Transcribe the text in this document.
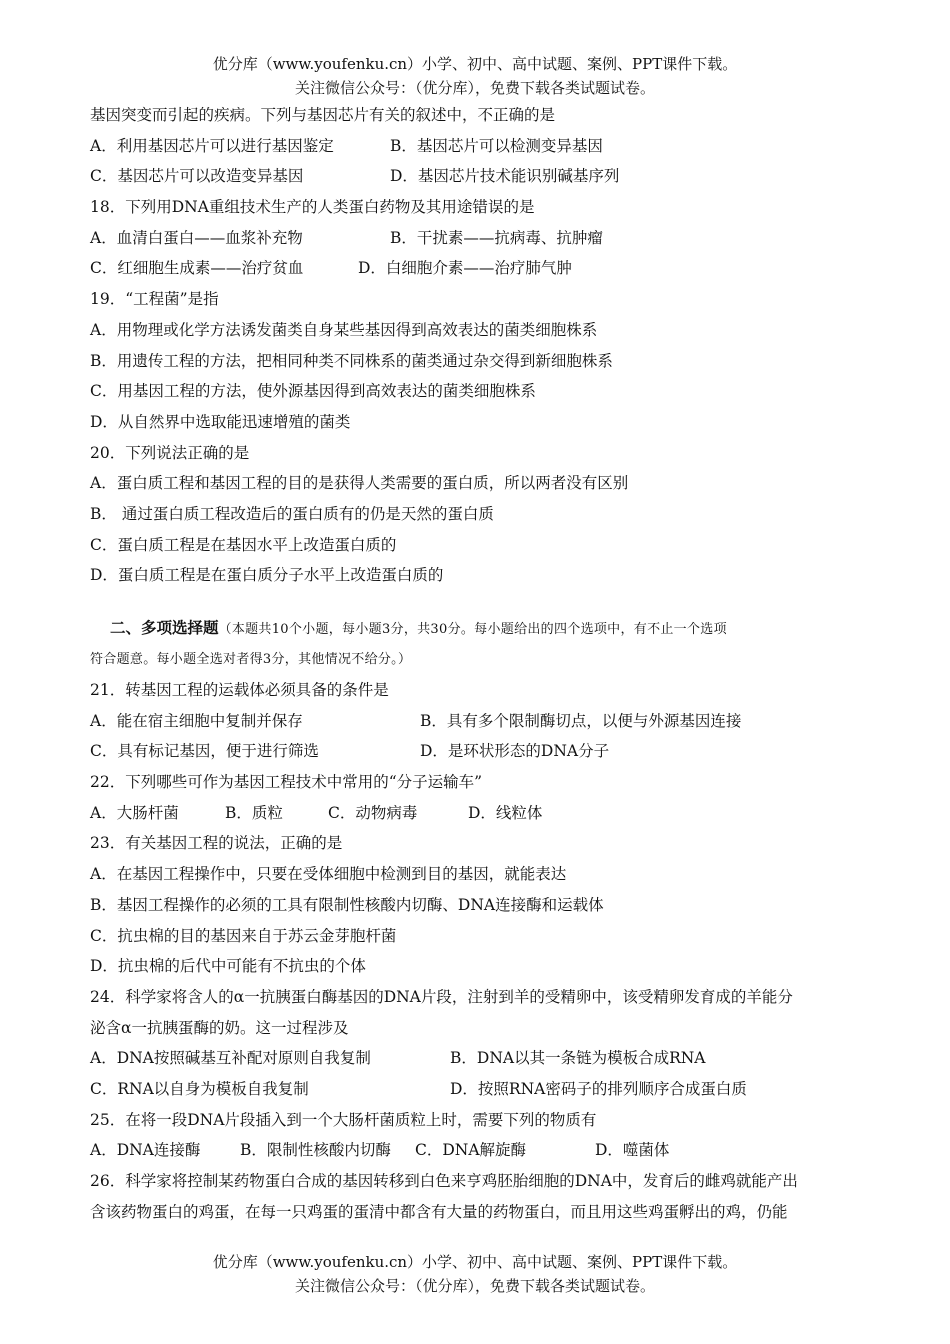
优分库（www.youfenku.cn）小学、初中、高中试题、案例、PPT课件下载。
关注微信公众号：（优分库），免费下载各类试题试卷。
基因突变而引起的疾病。下列与基因芯片有关的叙述中，不正确的是
A．利用基因芯片可以进行基因鉴定	B．基因芯片可以检测变异基因
C．基因芯片可以改造变异基因	D．基因芯片技术能识别碱基序列
18．下列用DNA重组技术生产的人类蛋白药物及其用途错误的是
A．血清白蛋白——血浆补充物	B．干扰素——抗病毒、抗肿瘤
C．红细胞生成素——治疗贫血	D．白细胞介素——治疗肺气肿
19．“工程菌”是指
A．用物理或化学方法诱发菌类自身某些基因得到高效表达的菌类细胞株系
B．用遗传工程的方法，把相同种类不同株系的菌类通过杂交得到新细胞株系
C．用基因工程的方法，使外源基因得到高效表达的菌类细胞株系
D．从自然界中选取能迅速增殖的菌类
20．下列说法正确的是
A．蛋白质工程和基因工程的目的是获得人类需要的蛋白质，所以两者没有区别
B． 通过蛋白质工程改造后的蛋白质有的仍是天然的蛋白质
C．蛋白质工程是在基因水平上改造蛋白质的
D．蛋白质工程是在蛋白质分子水平上改造蛋白质的
二、多项选择题（本题共10个小题，每小题3分，共30分。每小题给出的四个选项中，有不止一个选项
符合题意。每小题全选对者得3分，其他情况不给分。）
21．转基因工程的运载体必须具备的条件是
A．能在宿主细胞中复制并保存	B．具有多个限制酶切点，以便与外源基因连接
C．具有标记基因，便于进行筛选	D．是环状形态的DNA分子
22．下列哪些可作为基因工程技术中常用的“分子运输车”
A．大肠杆菌	B．质粒	C．动物病毒	D．线粒体
23．有关基因工程的说法，正确的是
A．在基因工程操作中，只要在受体细胞中检测到目的基因，就能表达
B．基因工程操作的必须的工具有限制性核酸内切酶、DNA连接酶和运载体
C．抗虫棉的目的基因来自于苏云金芽胞杆菌
D．抗虫棉的后代中可能有不抗虫的个体
24．科学家将含人的α一抗胰蛋白酶基因的DNA片段，注射到羊的受精卵中，该受精卵发育成的羊能分
泌含α一抗胰蛋酶的奶。这一过程涉及
A．DNA按照碱基互补配对原则自我复制	B．DNA以其一条链为模板合成RNA
C．RNA以自身为模板自我复制	D．按照RNA密码子的排列顺序合成蛋白质
25．在将一段DNA片段插入到一个大肠杆菌质粒上时，需要下列的物质有
A．DNA连接酶	B．限制性核酸内切酶	C．DNA解旋酶	D．噬菌体
26．科学家将控制某药物蛋白合成的基因转移到白色来亨鸡胚胎细胞的DNA中，发育后的雌鸡就能产出
含该药物蛋白的鸡蛋，在每一只鸡蛋的蛋清中都含有大量的药物蛋白，而且用这些鸡蛋孵出的鸡，仍能
优分库（www.youfenku.cn）小学、初中、高中试题、案例、PPT课件下载。
关注微信公众号：（优分库），免费下载各类试题试卷。
